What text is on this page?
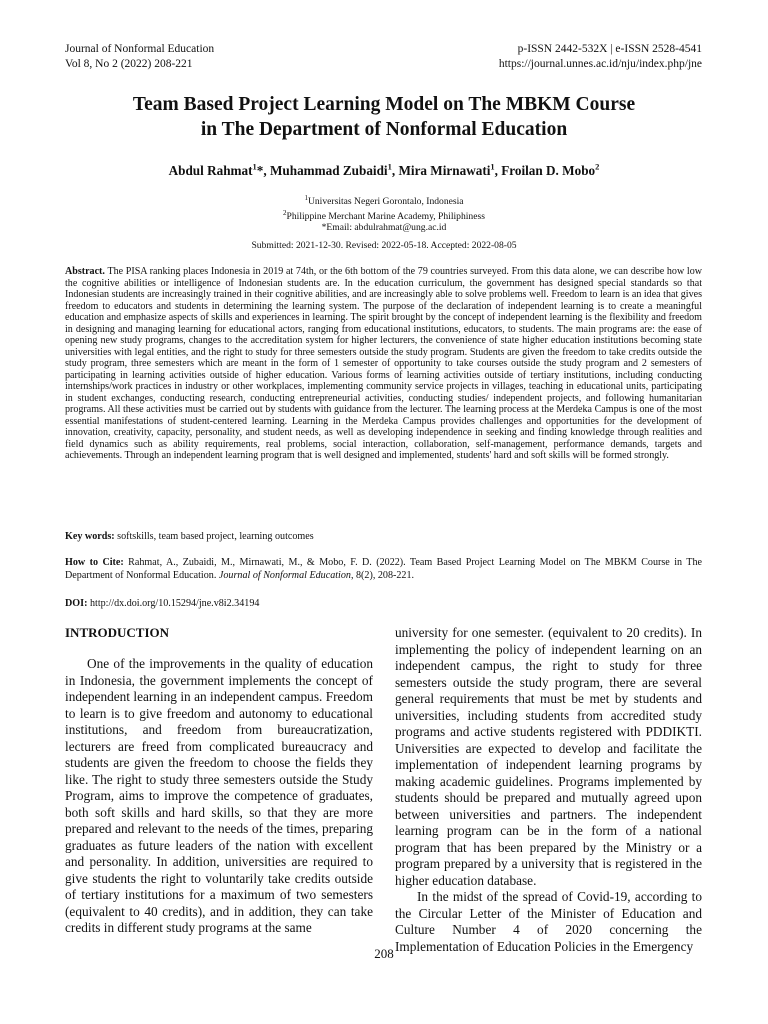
Journal of Nonformal Education
Vol 8, No 2 (2022) 208-221
p-ISSN 2442-532X | e-ISSN 2528-4541
https://journal.unnes.ac.id/nju/index.php/jne
Team Based Project Learning Model on The MBKM Course
in The Department of Nonformal Education
Abdul Rahmat$^1$*, Muhammad Zubaidi$^1$, Mira Mirnawati$^1$, Froilan D. Mobo$^2$
$^1$Universitas Negeri Gorontalo, Indonesia
$^2$Philippine Merchant Marine Academy, Philiphiness
*Email: abdulrahmat@ung.ac.id
Submitted: 2021-12-30. Revised: 2022-05-18. Accepted: 2022-08-05
Abstract. The PISA ranking places Indonesia in 2019 at 74th, or the 6th bottom of the 79 countries surveyed. From this data alone, we can describe how low the cognitive abilities or intelligence of Indonesian students are. In the education curriculum, the government has designed special standards so that Indonesian students are increasingly trained in their cognitive abilities, and are increasingly able to solve problems well. Freedom to learn is an idea that gives freedom to educators and students in determining the learning system. The purpose of the declaration of independent learning is to create a meaningful education and emphasize aspects of skills and experiences in learning. The spirit brought by the concept of independent learning is the flexibility and freedom in designing and managing learning for educational actors, ranging from educational institutions, educators, to students. The main programs are: the ease of opening new study programs, changes to the accreditation system for higher lecturers, the convenience of state higher education institutions becoming state universities with legal entities, and the right to study for three semesters outside the study program. Students are given the freedom to take credits outside the study program, three semesters which are meant in the form of 1 semester of opportunity to take courses outside the study program and 2 semesters of participating in learning activities outside of higher education. Various forms of learning activities outside of tertiary institutions, including conducting internships/work practices in industry or other workplaces, implementing community service projects in villages, teaching in educational units, participating in student exchanges, conducting research, conducting entrepreneurial activities, conducting studies/ independent projects, and following humanitarian programs. All these activities must be carried out by students with guidance from the lecturer. The learning process at the Merdeka Campus is one of the most essential manifestations of student-centered learning. Learning in the Merdeka Campus provides challenges and opportunities for the development of innovation, creativity, capacity, personality, and student needs, as well as developing independence in seeking and finding knowledge through realities and field dynamics such as ability requirements, real problems, social interaction, collaboration, self-management, performance demands, targets and achievements. Through an independent learning program that is well designed and implemented, students' hard and soft skills will be formed strongly.
Key words: softskills, team based project, learning outcomes
How to Cite: Rahmat, A., Zubaidi, M., Mirnawati, M., & Mobo, F. D. (2022). Team Based Project Learning Model on The MBKM Course in The Department of Nonformal Education. Journal of Nonformal Education, 8(2), 208-221.
DOI: http://dx.doi.org/10.15294/jne.v8i2.34194
INTRODUCTION

One of the improvements in the quality of education in Indonesia, the government implements the concept of independent learning in an independent campus. Freedom to learn is to give freedom and autonomy to educational institutions, and freedom from bureaucratization, lecturers are freed from complicated bureaucracy and students are given the freedom to choose the fields they like. The right to study three semesters outside the Study Program, aims to improve the competence of graduates, both soft skills and hard skills, so that they are more prepared and relevant to the needs of the times, preparing graduates as future leaders of the nation with excellent and personality. In addition, universities are required to give students the right to voluntarily take credits outside of tertiary institutions for a maximum of two semesters (equivalent to 40 credits), and in addition, they can take credits in different study programs at the same

university for one semester. (equivalent to 20 credits). In implementing the policy of independent learning on an independent campus, the right to study for three semesters outside the study program, there are several general requirements that must be met by students and universities, including students from accredited study programs and active students registered with PDDIKTI. Universities are expected to develop and facilitate the implementation of independent learning programs by making academic guidelines. Programs implemented by students should be prepared and mutually agreed upon between universities and partners. The independent learning program can be in the form of a national program that has been prepared by the Ministry or a program prepared by a university that is registered in the higher education database.

In the midst of the spread of Covid-19, according to the Circular Letter of the Minister of Education and Culture Number 4 of 2020 concerning the Implementation of Education Policies in the Emergency

208
